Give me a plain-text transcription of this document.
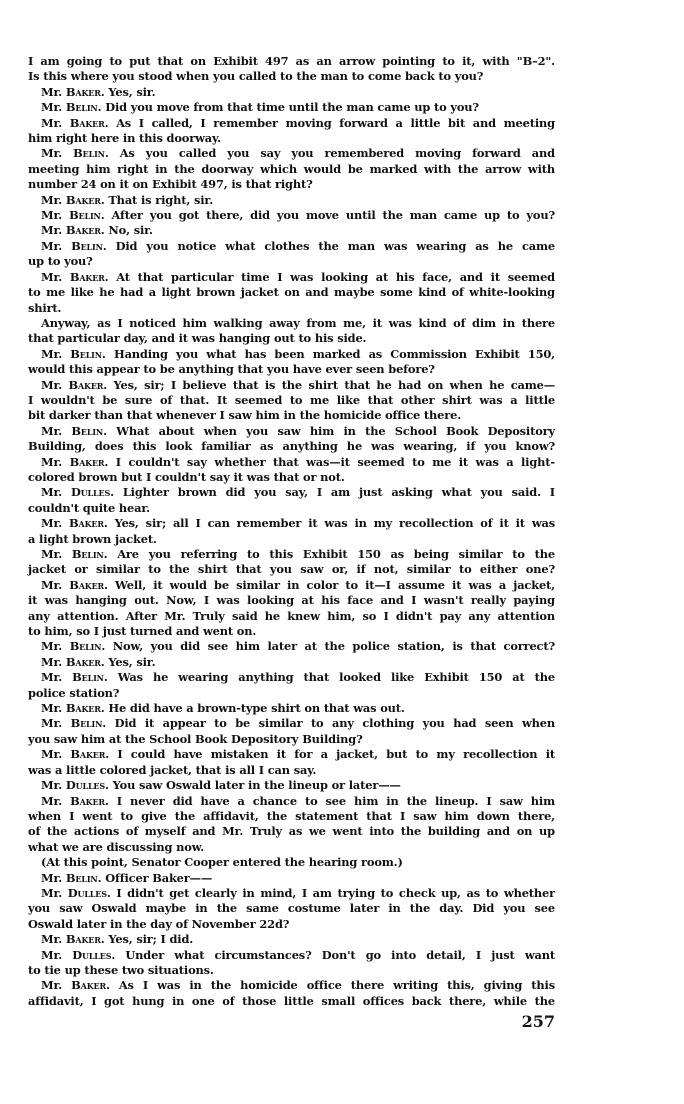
I am going to put that on Exhibit 497 as an arrow pointing to it, with "B–2".
Is this where you stood when you called to the man to come back to you?
Mr. Baker. Yes, sir.
Mr. Belin. Did you move from that time until the man came up to you?
Mr. Baker. As I called, I remember moving forward a little bit and meeting
him right here in this doorway.
Mr. Belin. As you called you say you remembered moving forward and
meeting him right in the doorway which would be marked with the arrow with
number 24 on it on Exhibit 497, is that right?
Mr. Baker. That is right, sir.
Mr. Belin. After you got there, did you move until the man came up to you?
Mr. Baker. No, sir.
Mr. Belin. Did you notice what clothes the man was wearing as he came
up to you?
Mr. Baker. At that particular time I was looking at his face, and it seemed
to me like he had a light brown jacket on and maybe some kind of white-looking
shirt.
Anyway, as I noticed him walking away from me, it was kind of dim in there
that particular day, and it was hanging out to his side.
Mr. Belin. Handing you what has been marked as Commission Exhibit 150,
would this appear to be anything that you have ever seen before?
Mr. Baker. Yes, sir; I believe that is the shirt that he had on when he came—
I wouldn't be sure of that. It seemed to me like that other shirt was a little
bit darker than that whenever I saw him in the homicide office there.
Mr. Belin. What about when you saw him in the School Book Depository
Building, does this look familiar as anything he was wearing, if you know?
Mr. Baker. I couldn't say whether that was—it seemed to me it was a light-
colored brown but I couldn't say it was that or not.
Mr. Dulles. Lighter brown did you say, I am just asking what you said. I
couldn't quite hear.
Mr. Baker. Yes, sir; all I can remember it was in my recollection of it it was
a light brown jacket.
Mr. Belin. Are you referring to this Exhibit 150 as being similar to the
jacket or similar to the shirt that you saw or, if not, similar to either one?
Mr. Baker. Well, it would be similar in color to it—I assume it was a jacket,
it was hanging out. Now, I was looking at his face and I wasn't really paying
any attention. After Mr. Truly said he knew him, so I didn't pay any attention
to him, so I just turned and went on.
Mr. Belin. Now, you did see him later at the police station, is that correct?
Mr. Baker. Yes, sir.
Mr. Belin. Was he wearing anything that looked like Exhibit 150 at the
police station?
Mr. Baker. He did have a brown-type shirt on that was out.
Mr. Belin. Did it appear to be similar to any clothing you had seen when
you saw him at the School Book Depository Building?
Mr. Baker. I could have mistaken it for a jacket, but to my recollection it
was a little colored jacket, that is all I can say.
Mr. Dulles. You saw Oswald later in the lineup or later——
Mr. Baker. I never did have a chance to see him in the lineup. I saw him
when I went to give the affidavit, the statement that I saw him down there,
of the actions of myself and Mr. Truly as we went into the building and on up
what we are discussing now.
(At this point, Senator Cooper entered the hearing room.)
Mr. Belin. Officer Baker——
Mr. Dulles. I didn't get clearly in mind, I am trying to check up, as to whether
you saw Oswald maybe in the same costume later in the day. Did you see
Oswald later in the day of November 22d?
Mr. Baker. Yes, sir; I did.
Mr. Dulles. Under what circumstances? Don't go into detail, I just want
to tie up these two situations.
Mr. Baker. As I was in the homicide office there writing this, giving this
affidavit, I got hung in one of those little small offices back there, while the
257
